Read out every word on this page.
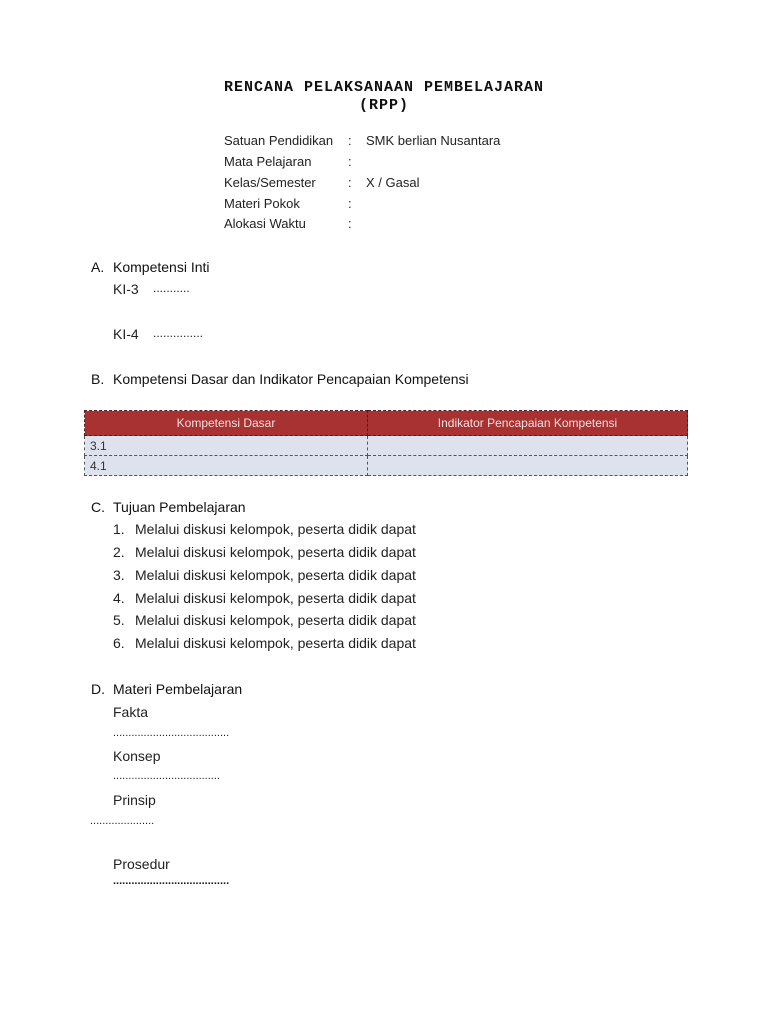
RENCANA PELAKSANAAN PEMBELAJARAN
(RPP)
Satuan Pendidikan : SMK berlian Nusantara
Mata Pelajaran	:
Kelas/Semester : X / Gasal
Materi Pokok	:
Alokasi Waktu	:
A. Kompetensi Inti
KI-3 ...........
KI-4 ...............
B. Kompetensi Dasar dan Indikator Pencapaian Kompetensi
Kompetensi Dasar	Indikator Pencapaian Kompetensi
3.1	
4.1	
C. Tujuan Pembelajaran
1. Melalui diskusi kelompok, peserta didik dapat
2. Melalui diskusi kelompok, peserta didik dapat
3. Melalui diskusi kelompok, peserta didik dapat
4. Melalui diskusi kelompok, peserta didik dapat
5. Melalui diskusi kelompok, peserta didik dapat
6. Melalui diskusi kelompok, peserta didik dapat
D. Materi Pembelajaran
Fakta
......................................
Konsep
...................................
Prinsip
.....................
Prosedur
......................................
